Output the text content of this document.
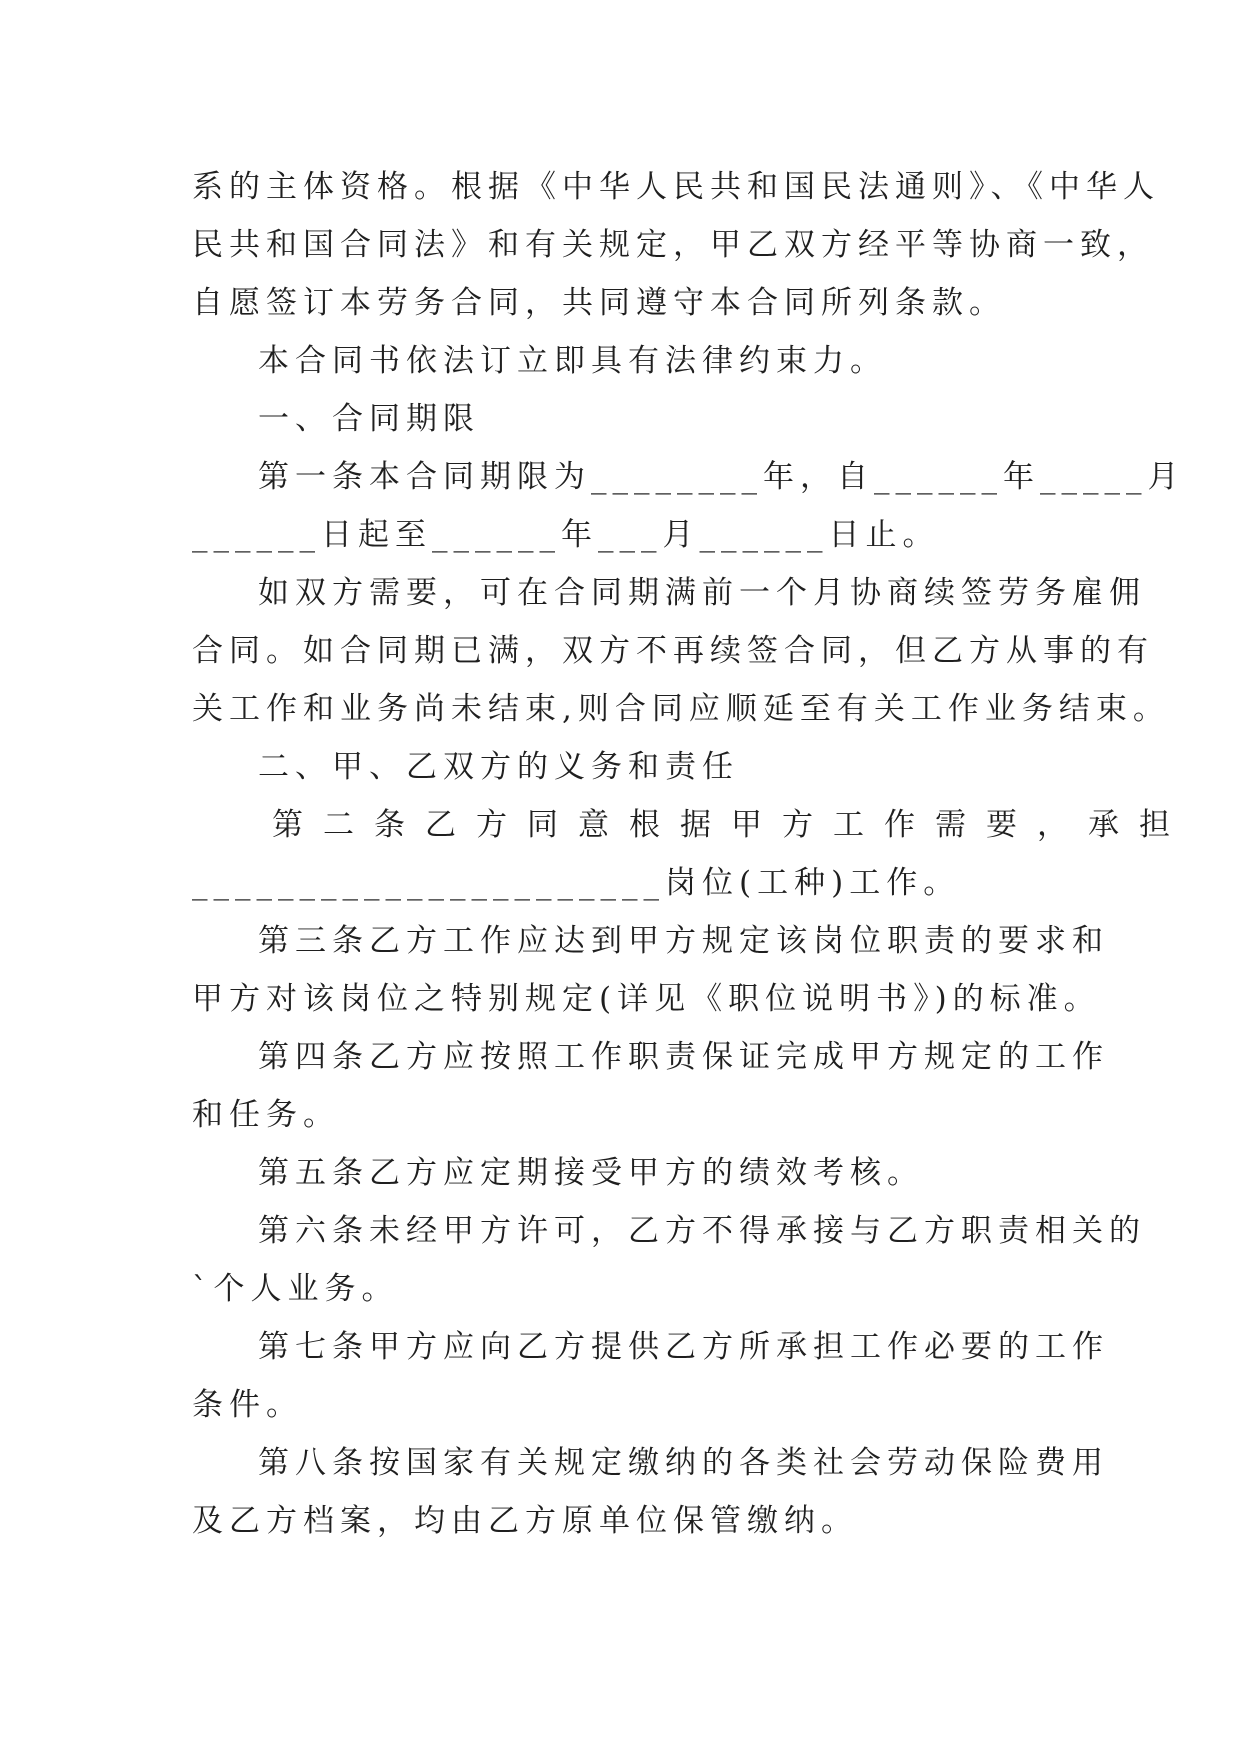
系的主体资格。根据《中华人民共和国民法通则》、《中华人
民共和国合同法》和有关规定，甲乙双方经平等协商一致，
自愿签订本劳务合同，共同遵守本合同所列条款。
本合同书依法订立即具有法律约束力。
一、合同期限
第一条本合同期限为________年，自______年_____月
______日起至______年___月______日止。
如双方需要，可在合同期满前一个月协商续签劳务雇佣
合同。如合同期已满，双方不再续签合同，但乙方从事的有
关工作和业务尚未结束,则合同应顺延至有关工作业务结束。
二、甲、乙双方的义务和责任
第二条乙方同意根据甲方工作需要，承担
______________________岗位(工种)工作。
第三条乙方工作应达到甲方规定该岗位职责的要求和
甲方对该岗位之特别规定(详见《职位说明书》)的标准。
第四条乙方应按照工作职责保证完成甲方规定的工作
和任务。
第五条乙方应定期接受甲方的绩效考核。
第六条未经甲方许可，乙方不得承接与乙方职责相关的
`个人业务。
第七条甲方应向乙方提供乙方所承担工作必要的工作
条件。
第八条按国家有关规定缴纳的各类社会劳动保险费用
及乙方档案，均由乙方原单位保管缴纳。
